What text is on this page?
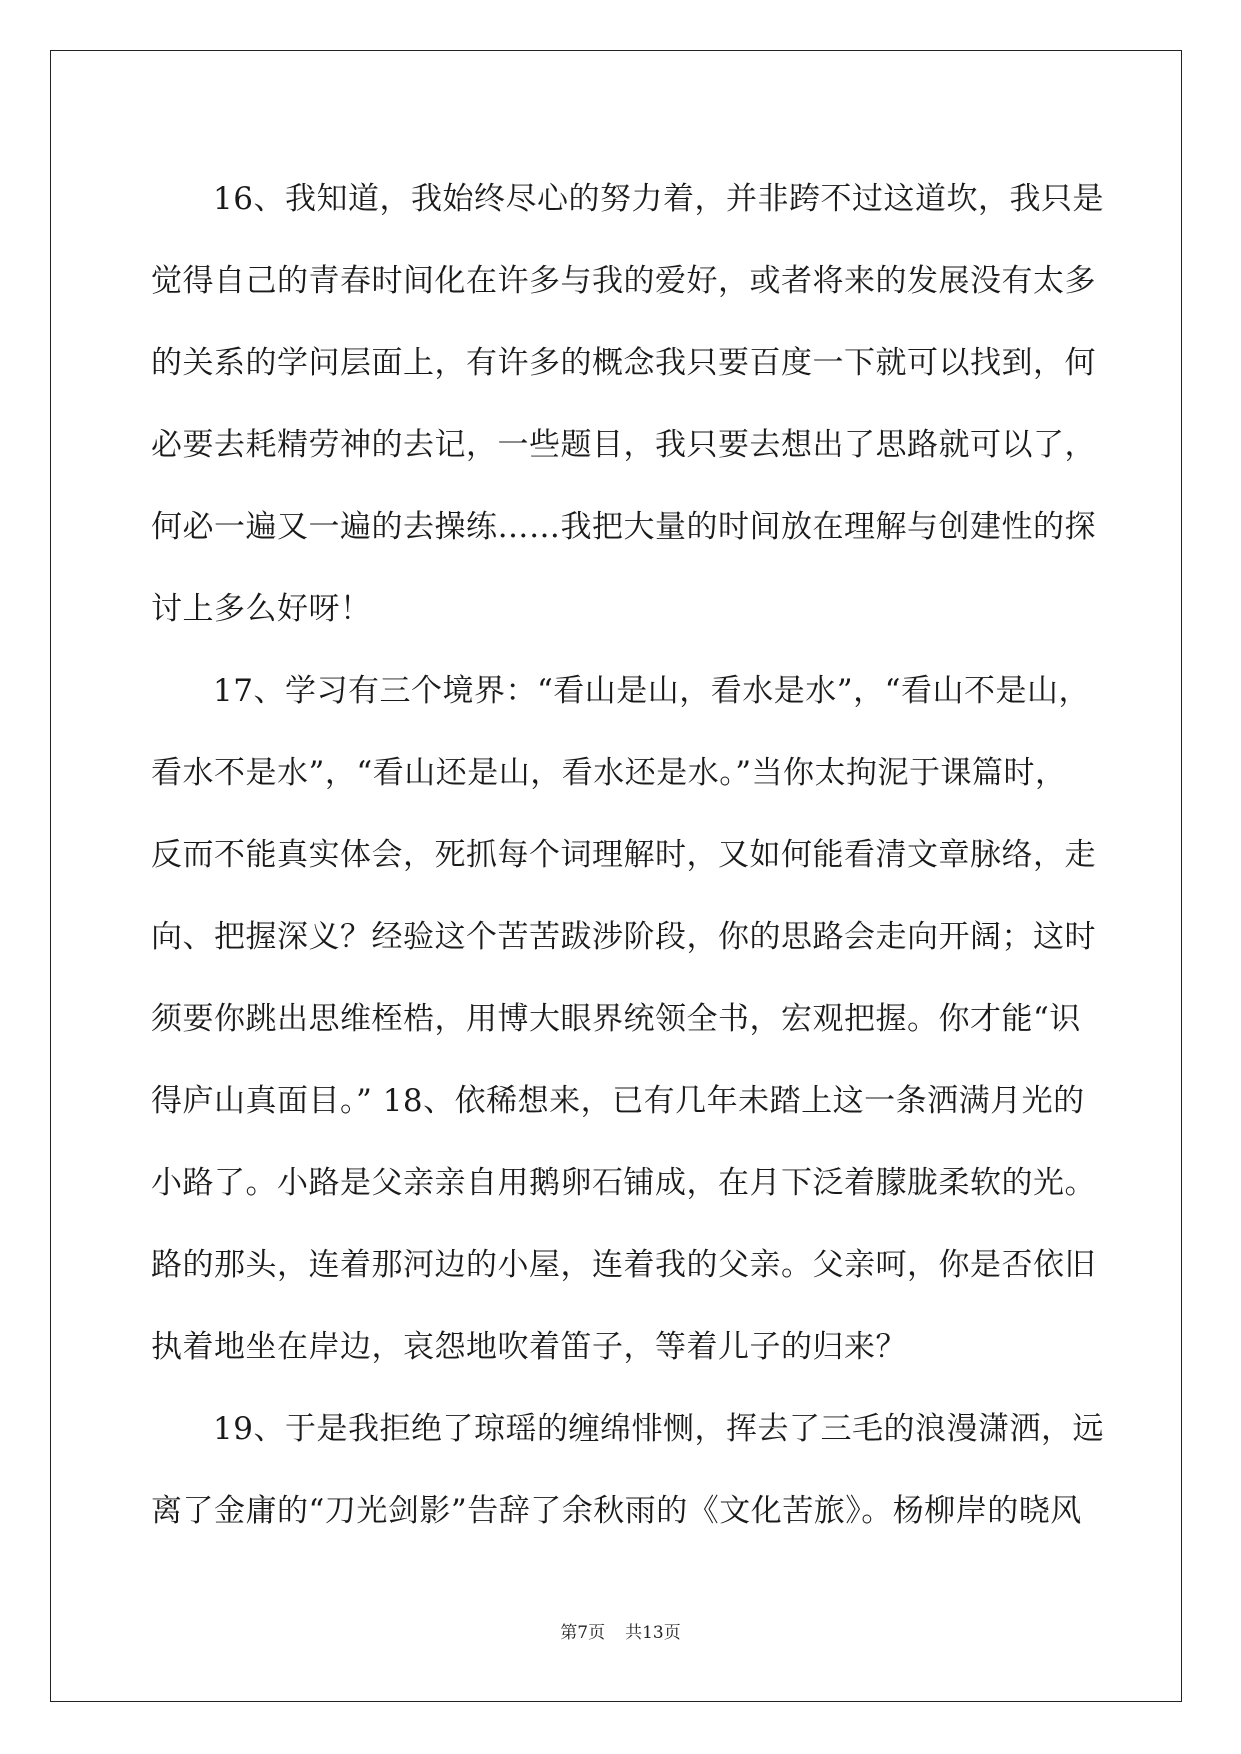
16、我知道，我始终尽心的努力着，并非跨不过这道坎，我只是
觉得自己的青春时间化在许多与我的爱好，或者将来的发展没有太多
的关系的学问层面上，有许多的概念我只要百度一下就可以找到，何
必要去耗精劳神的去记，一些题目，我只要去想出了思路就可以了，
何必一遍又一遍的去操练……我把大量的时间放在理解与创建性的探
讨上多么好呀！
17、学习有三个境界：“看山是山，看水是水”，“看山不是山，
看水不是水”，“看山还是山，看水还是水。”当你太拘泥于课篇时，
反而不能真实体会，死抓每个词理解时，又如何能看清文章脉络，走
向、把握深义？经验这个苦苦跋涉阶段，你的思路会走向开阔；这时
须要你跳出思维桎梏，用博大眼界统领全书，宏观把握。你才能“识
得庐山真面目。” 18、依稀想来，已有几年未踏上这一条洒满月光的
小路了。小路是父亲亲自用鹅卵石铺成，在月下泛着朦胧柔软的光。
路的那头，连着那河边的小屋，连着我的父亲。父亲呵，你是否依旧
执着地坐在岸边，哀怨地吹着笛子，等着儿子的归来？
19、于是我拒绝了琼瑶的缠绵悱恻，挥去了三毛的浪漫潇洒，远
离了金庸的“刀光剑影”告辞了余秋雨的《文化苦旅》。杨柳岸的晓风
第7页 共13页
